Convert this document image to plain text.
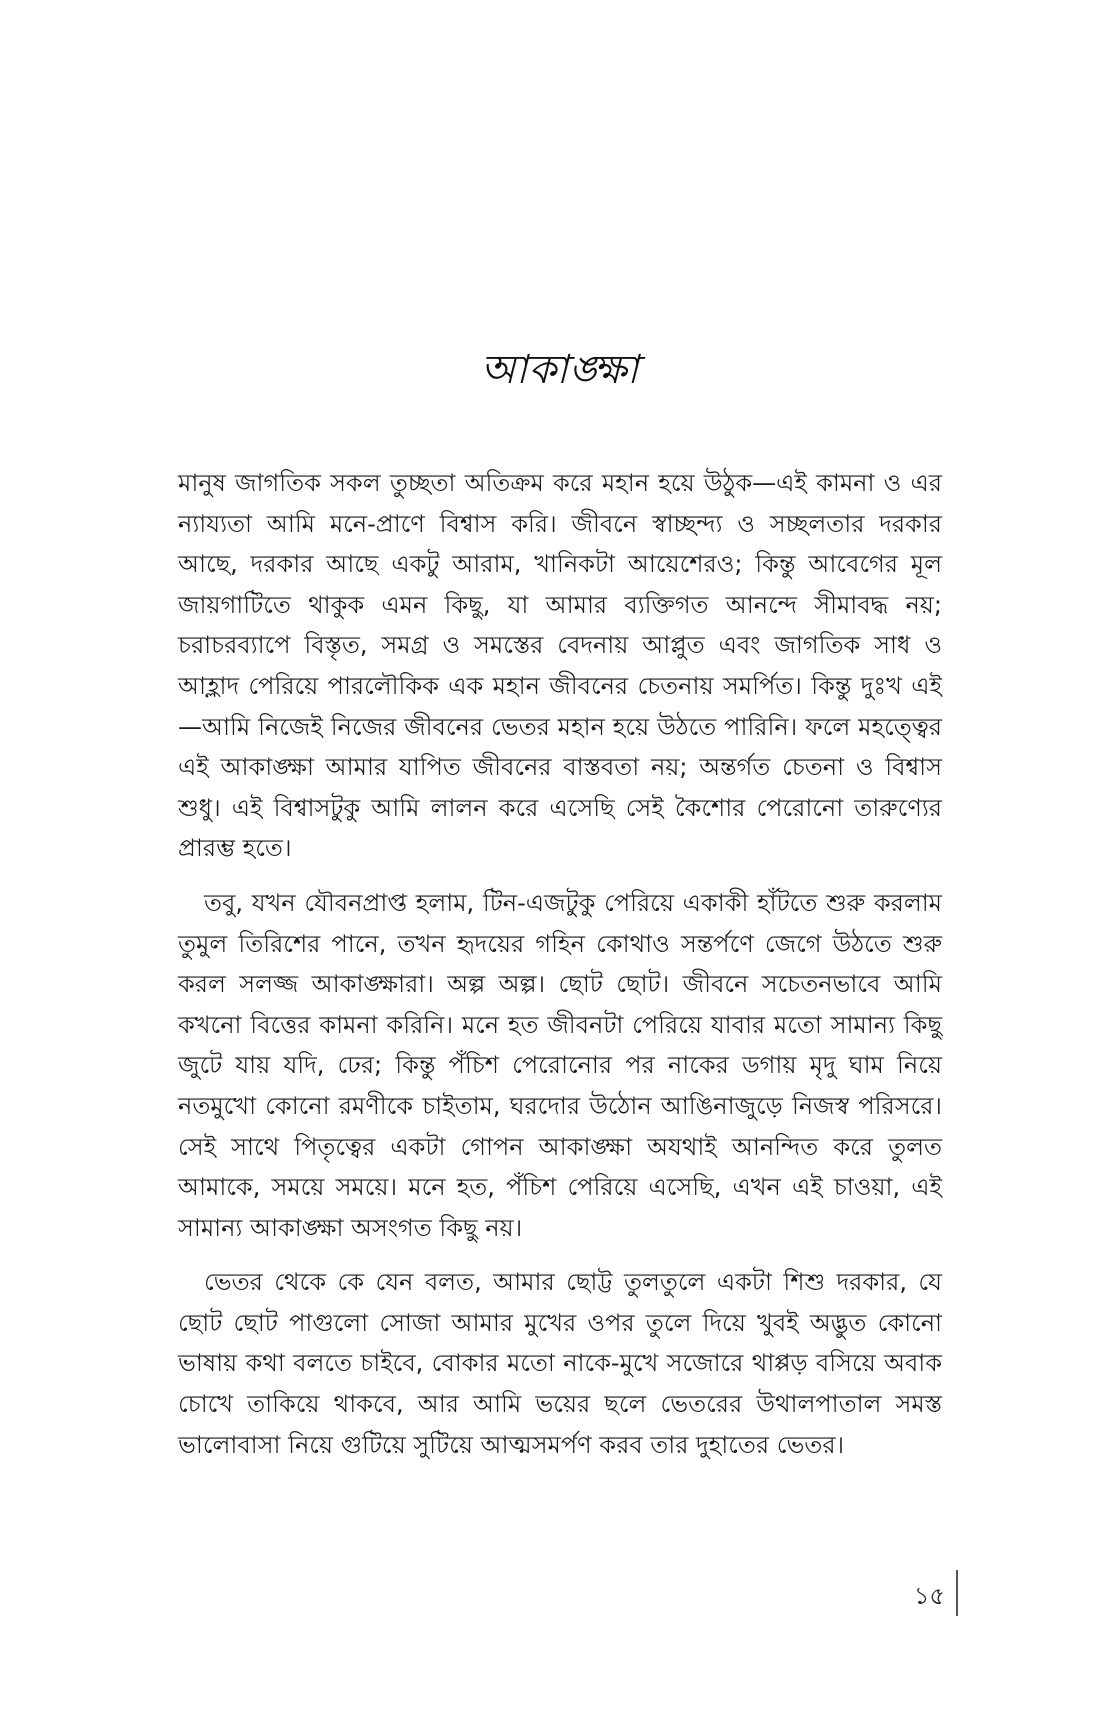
আকাঙ্ক্ষা

মানুষ জাগতিক সকল তুচ্ছতা অতিক্রম করে মহান হয়ে উঠুক—এই কামনা ও এর ন্যায্যতা আমি মনে-প্রাণে বিশ্বাস করি। জীবনে স্বাচ্ছন্দ্য ও সচ্ছলতার দরকার আছে, দরকার আছে একটু আরাম, খানিকটা আয়েশেরও; কিন্তু আবেগের মূল জায়গাটিতে থাকুক এমন কিছু, যা আমার ব্যক্তিগত আনন্দে সীমাবদ্ধ নয়; চরাচরব্যাপে বিস্তৃত, সমগ্র ও সমস্তের বেদনায় আপ্লুত এবং জাগতিক সাধ ও আহ্লাদ পেরিয়ে পারলৌকিক এক মহান জীবনের চেতনায় সমর্পিত। কিন্তু দুঃখ এই—আমি নিজেই নিজের জীবনের ভেতর মহান হয়ে উঠতে পারিনি। ফলে মহত্ত্বের এই আকাঙ্ক্ষা আমার যাপিত জীবনের বাস্তবতা নয়; অন্তর্গত চেতনা ও বিশ্বাস শুধু। এই বিশ্বাসটুকু আমি লালন করে এসেছি সেই কৈশোর পেরোনো তারুণ্যের প্রারম্ভ হতে।

তবু, যখন যৌবনপ্রাপ্ত হলাম, টিন-এজটুকু পেরিয়ে একাকী হাঁটতে শুরু করলাম তুমুল তিরিশের পানে, তখন হৃদয়ের গহিন কোথাও সন্তর্পণে জেগে উঠতে শুরু করল সলজ্জ আকাঙ্ক্ষারা। অল্প অল্প। ছোট ছোট। জীবনে সচেতনভাবে আমি কখনো বিত্তের কামনা করিনি। মনে হত জীবনটা পেরিয়ে যাবার মতো সামান্য কিছু জুটে যায় যদি, ঢের; কিন্তু পঁচিশ পেরোনোর পর নাকের ডগায় মৃদু ঘাম নিয়ে নতমুখো কোনো রমণীকে চাইতাম, ঘরদোর উঠোন আঙিনাজুড়ে নিজস্ব পরিসরে। সেই সাথে পিতৃত্বের একটা গোপন আকাঙ্ক্ষা অযথাই আনন্দিত করে তুলত আমাকে, সময়ে সময়ে। মনে হত, পঁচিশ পেরিয়ে এসেছি, এখন এই চাওয়া, এই সামান্য আকাঙ্ক্ষা অসংগত কিছু নয়।

ভেতর থেকে কে যেন বলত, আমার ছোট্ট তুলতুলে একটা শিশু দরকার, যে ছোট ছোট পাগুলো সোজা আমার মুখের ওপর তুলে দিয়ে খুবই অদ্ভুত কোনো ভাষায় কথা বলতে চাইবে, বোকার মতো নাকে-মুখে সজোরে থাপ্পড় বসিয়ে অবাক চোখে তাকিয়ে থাকবে, আর আমি ভয়ের ছলে ভেতরের উথালপাতাল সমস্ত ভালোবাসা নিয়ে গুটিয়ে সুটিয়ে আত্মসমর্পণ করব তার দুহাতের ভেতর।

১৫
